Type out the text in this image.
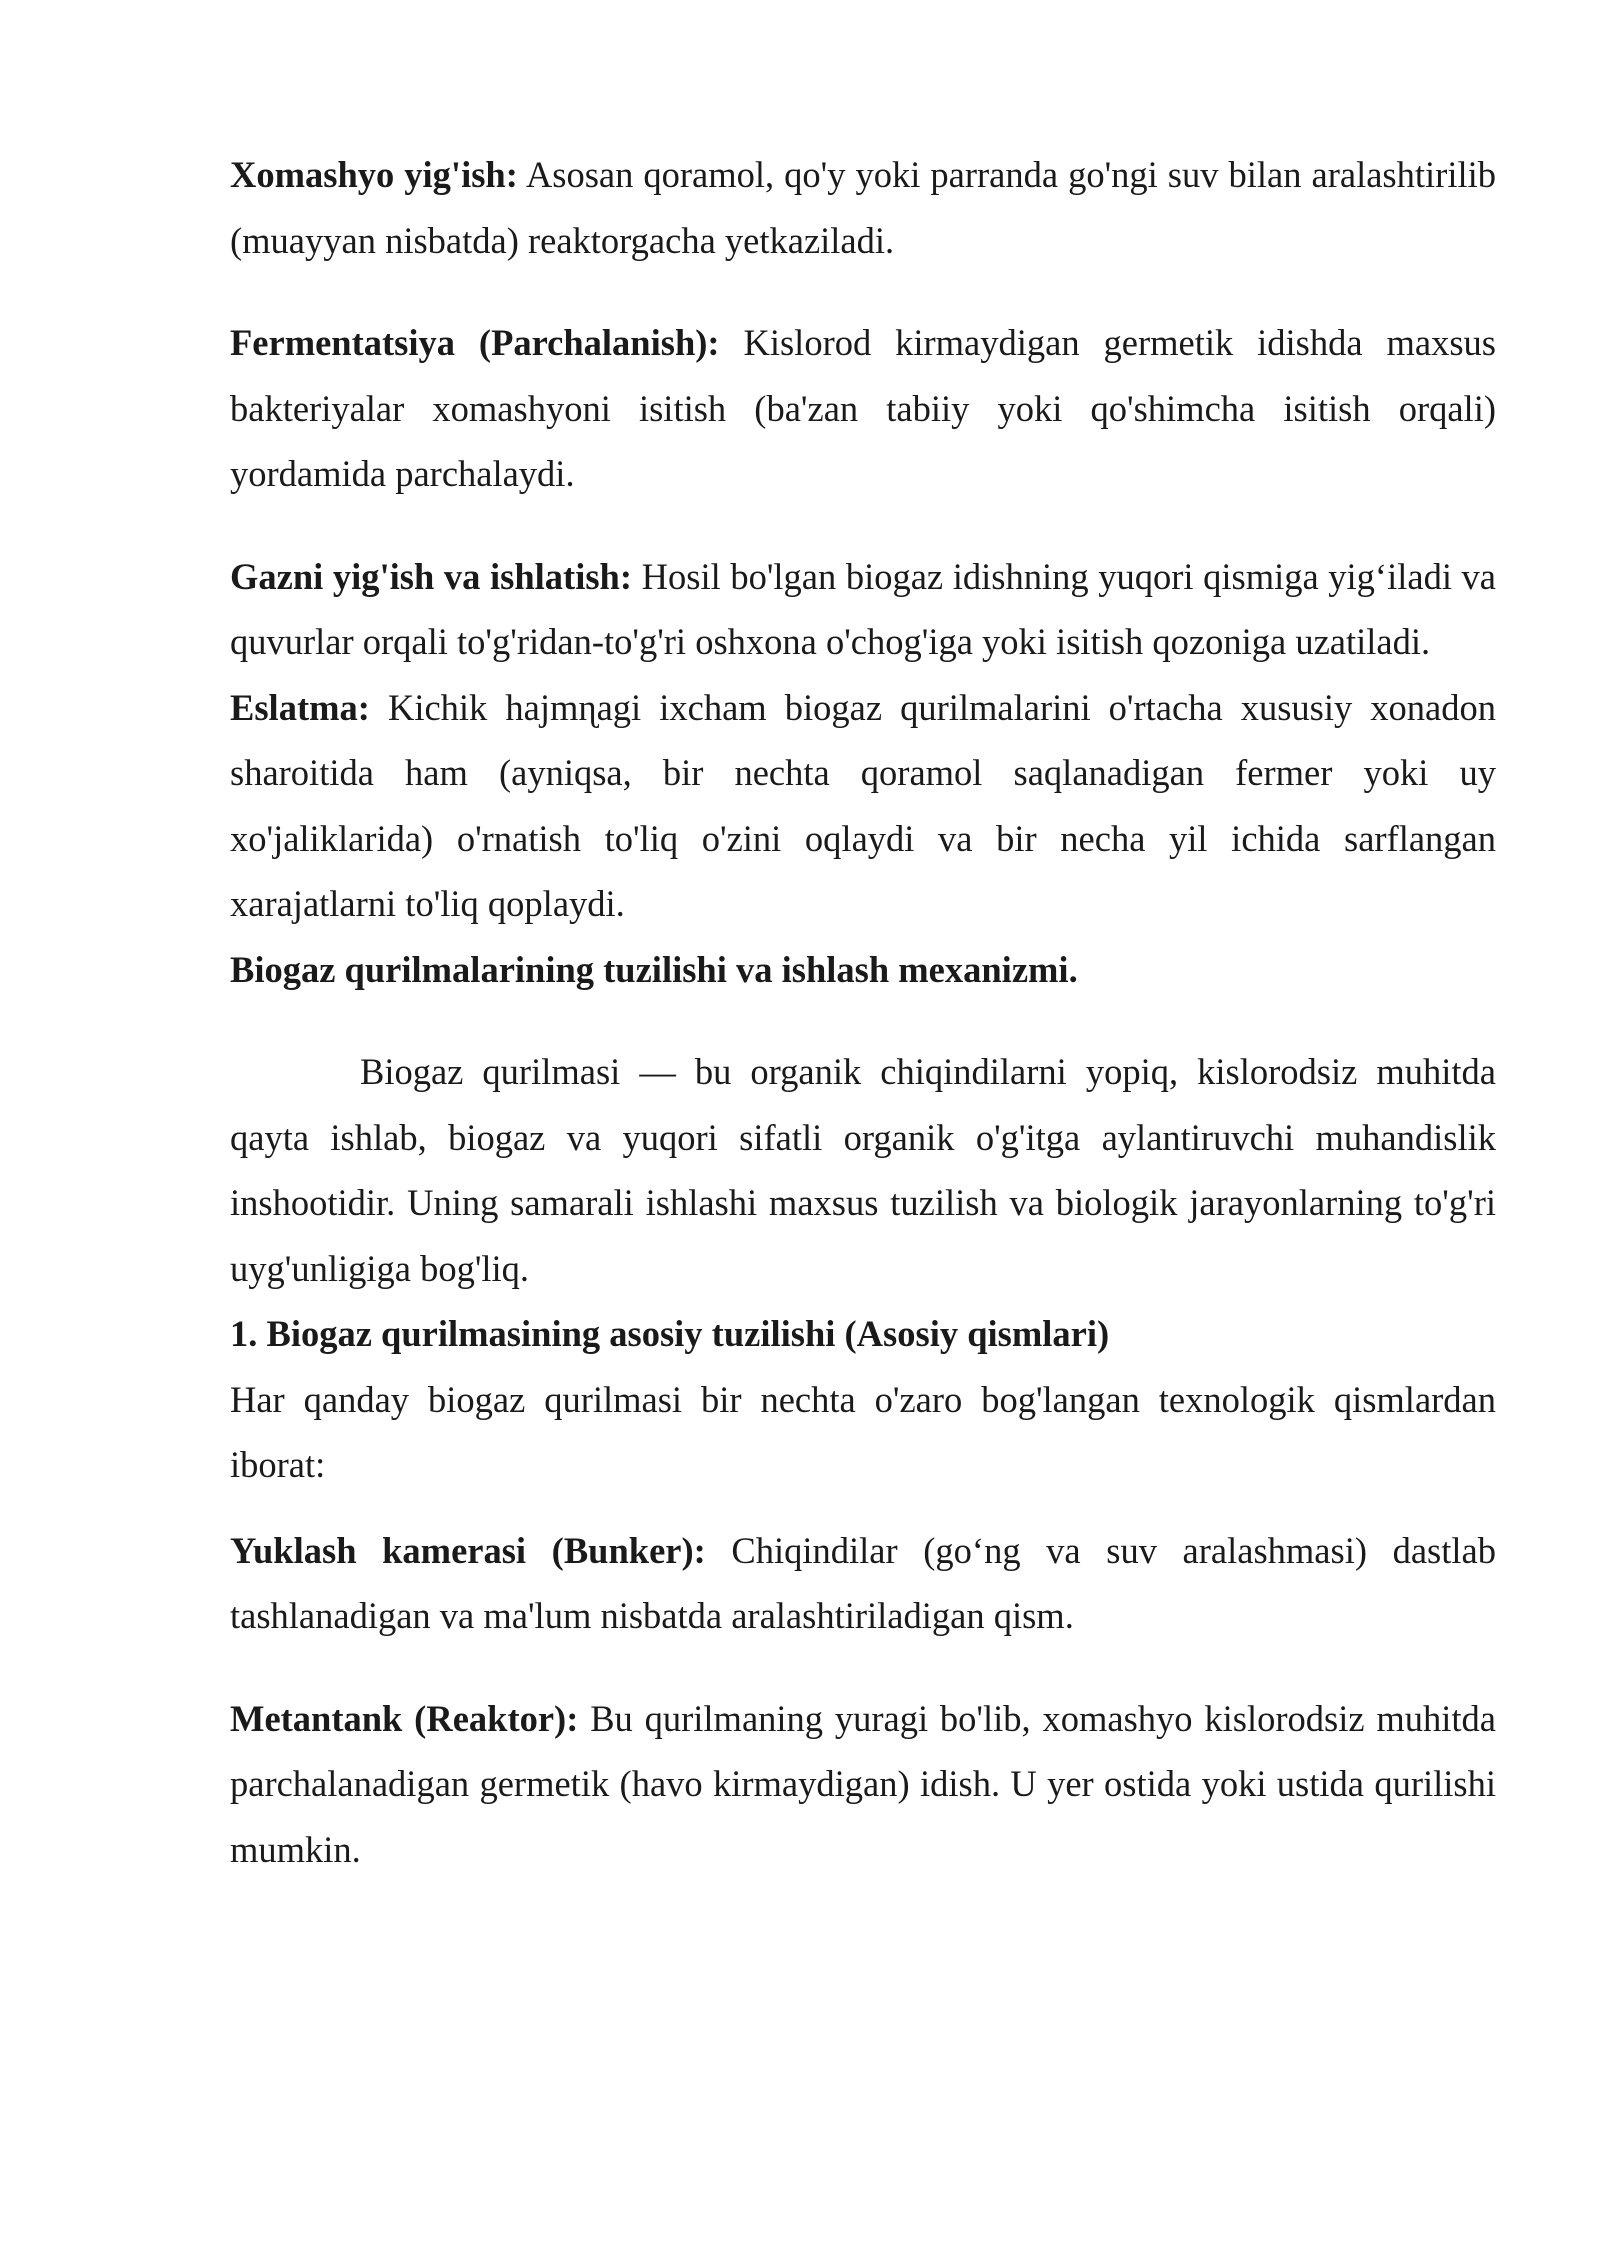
Xomashyo yig'ish: Asosan qoramol, qo'y yoki parranda go'ngi suv bilan aralashtirilib (muayyan nisbatda) reaktorgacha yetkaziladi.

Fermentatsiya (Parchalanish): Kislorod kirmaydigan germetik idishda maxsus bakteriyalar xomashyoni isitish (ba'zan tabiiy yoki qo'shimcha isitish orqali) yordamida parchalaydi.

Gazni yig'ish va ishlatish: Hosil bo'lgan biogaz idishning yuqori qismiga yig‘iladi va quvurlar orqali to'g'ridan-to'g'ri oshxona o'chog'iga yoki isitish qozoniga uzatiladi.

Eslatma: Kichik hajmɳagi ixcham biogaz qurilmalarini o'rtacha xususiy xonadon sharoitida ham (ayniqsa, bir nechta qoramol saqlanadigan fermer yoki uy xo'jaliklarida) o'rnatish to'liq o'zini oqlaydi va bir necha yil ichida sarflangan xarajatlarni to'liq qoplaydi.

Biogaz qurilmalarining tuzilishi va ishlash mexanizmi.

Biogaz qurilmasi — bu organik chiqindilarni yopiq, kislorodsiz muhitda qayta ishlab, biogaz va yuqori sifatli organik o'g'itga aylantiruvchi muhandislik inshootidir. Uning samarali ishlashi maxsus tuzilish va biologik jarayonlarning to'g'ri uyg'unligiga bog'liq.

1. Biogaz qurilmasining asosiy tuzilishi (Asosiy qismlari)

Har qanday biogaz qurilmasi bir nechta o'zaro bog'langan texnologik qismlardan iborat:

Yuklash kamerasi (Bunker): Chiqindilar (go‘ng va suv aralashmasi) dastlab tashlanadigan va ma'lum nisbatda aralashtiriladigan qism.

Metantank (Reaktor): Bu qurilmaning yuragi bo'lib, xomashyo kislorodsiz muhitda parchalanadigan germetik (havo kirmaydigan) idish. U yer ostida yoki ustida qurilishi mumkin.
